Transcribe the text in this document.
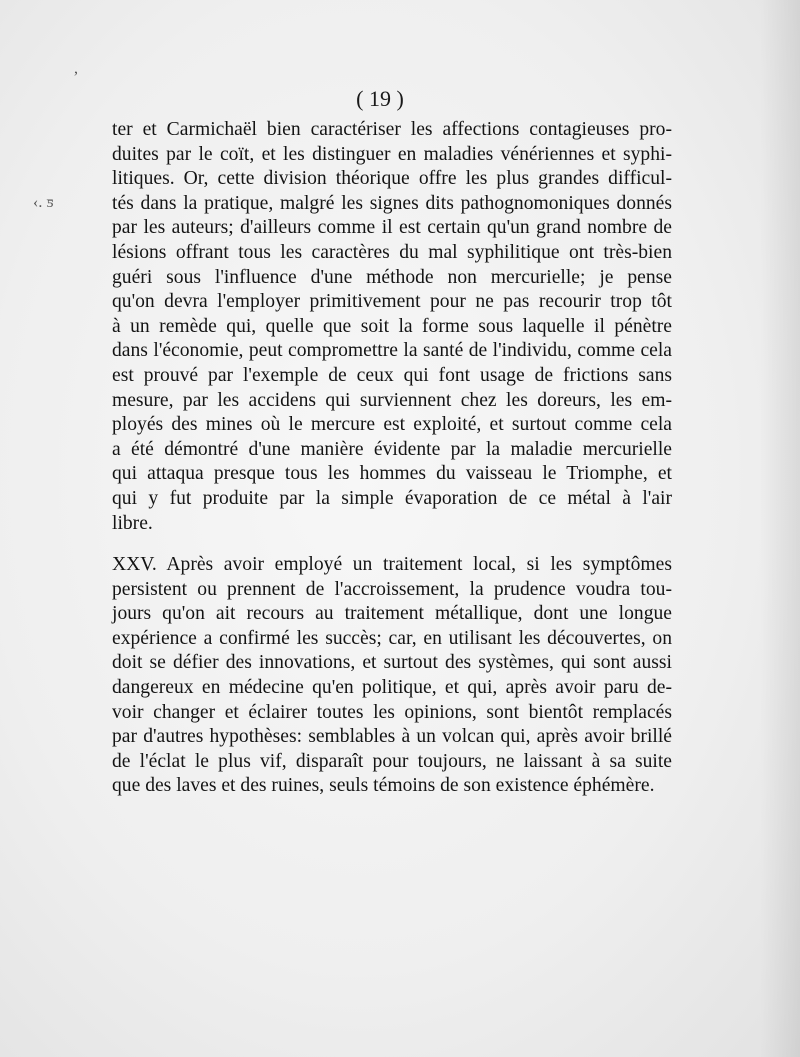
,
‹. ƽ
( 19 )
ter et Carmichaël bien caractériser les affections contagieuses pro-
duites par le coït, et les distinguer en maladies vénériennes et syphi-
litiques. Or, cette division théorique offre les plus grandes difficul-
tés dans la pratique, malgré les signes dits pathognomoniques donnés
par les auteurs; d'ailleurs comme il est certain qu'un grand nombre de
lésions offrant tous les caractères du mal syphilitique ont très-bien
guéri sous l'influence d'une méthode non mercurielle; je pense
qu'on devra l'employer primitivement pour ne pas recourir trop tôt
à un remède qui, quelle que soit la forme sous laquelle il pénètre
dans l'économie, peut compromettre la santé de l'individu, comme cela
est prouvé par l'exemple de ceux qui font usage de frictions sans
mesure, par les accidens qui surviennent chez les doreurs, les em-
ployés des mines où le mercure est exploité, et surtout comme cela
a été démontré d'une manière évidente par la maladie mercurielle
qui attaqua presque tous les hommes du vaisseau le Triomphe, et
qui y fut produite par la simple évaporation de ce métal à l'air
libre.
XXV. Après avoir employé un traitement local, si les symptômes
persistent ou prennent de l'accroissement, la prudence voudra tou-
jours qu'on ait recours au traitement métallique, dont une longue
expérience a confirmé les succès; car, en utilisant les découvertes, on
doit se défier des innovations, et surtout des systèmes, qui sont aussi
dangereux en médecine qu'en politique, et qui, après avoir paru de-
voir changer et éclairer toutes les opinions, sont bientôt remplacés
par d'autres hypothèses: semblables à un volcan qui, après avoir brillé
de l'éclat le plus vif, disparaît pour toujours, ne laissant à sa suite
que des laves et des ruines, seuls témoins de son existence éphémère.
